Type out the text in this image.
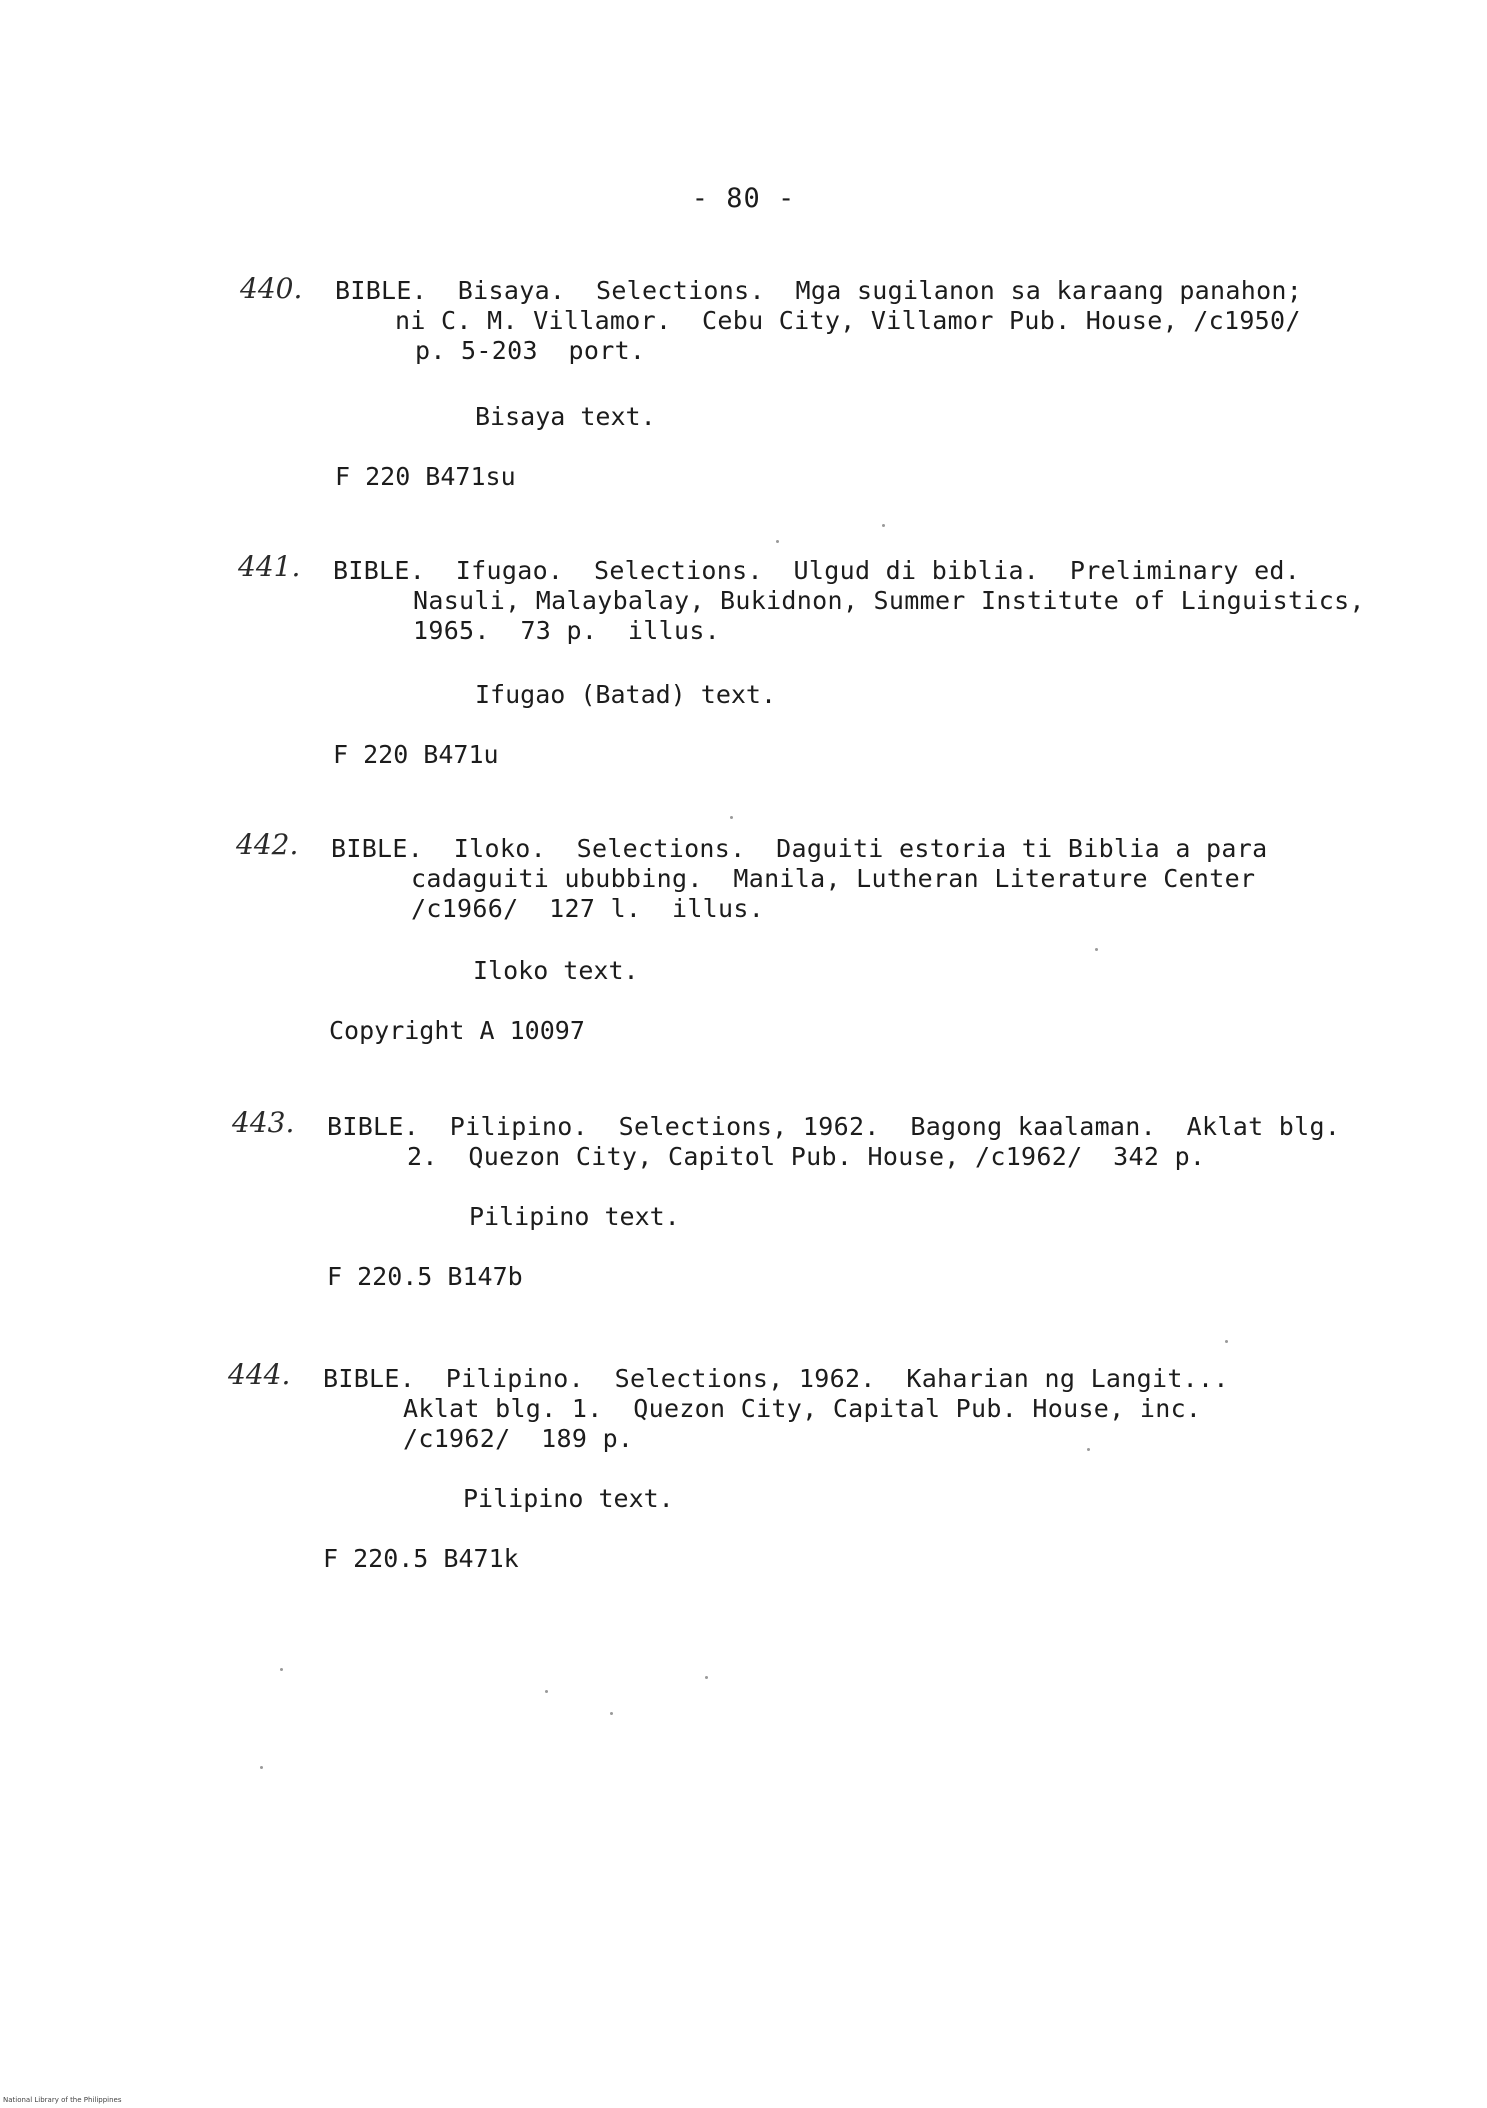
- 80 -
440. BIBLE.  Bisaya.  Selections.  Mga sugilanon sa karaang panahon;
ni C. M. Villamor.  Cebu City, Villamor Pub. House, /c1950/
p. 5-203  port.
Bisaya text.
F 220 B471su
441. BIBLE.  Ifugao.  Selections.  Ulgud di biblia.  Preliminary ed.
Nasuli, Malaybalay, Bukidnon, Summer Institute of Linguistics,
1965.  73 p.  illus.
Ifugao (Batad) text.
F 220 B471u
442. BIBLE.  Iloko.  Selections.  Daguiti estoria ti Biblia a para
cadaguiti ububbing.  Manila, Lutheran Literature Center
/c1966/  127 l.  illus.
Iloko text.
Copyright A 10097
443. BIBLE.  Pilipino.  Selections, 1962.  Bagong kaalaman.  Aklat blg.
2.  Quezon City, Capitol Pub. House, /c1962/  342 p.
Pilipino text.
F 220.5 B147b
444. BIBLE.  Pilipino.  Selections, 1962.  Kaharian ng Langit...
Aklat blg. 1.  Quezon City, Capital Pub. House, inc.
/c1962/  189 p.
Pilipino text.
F 220.5 B471k
National Library of the Philippines
